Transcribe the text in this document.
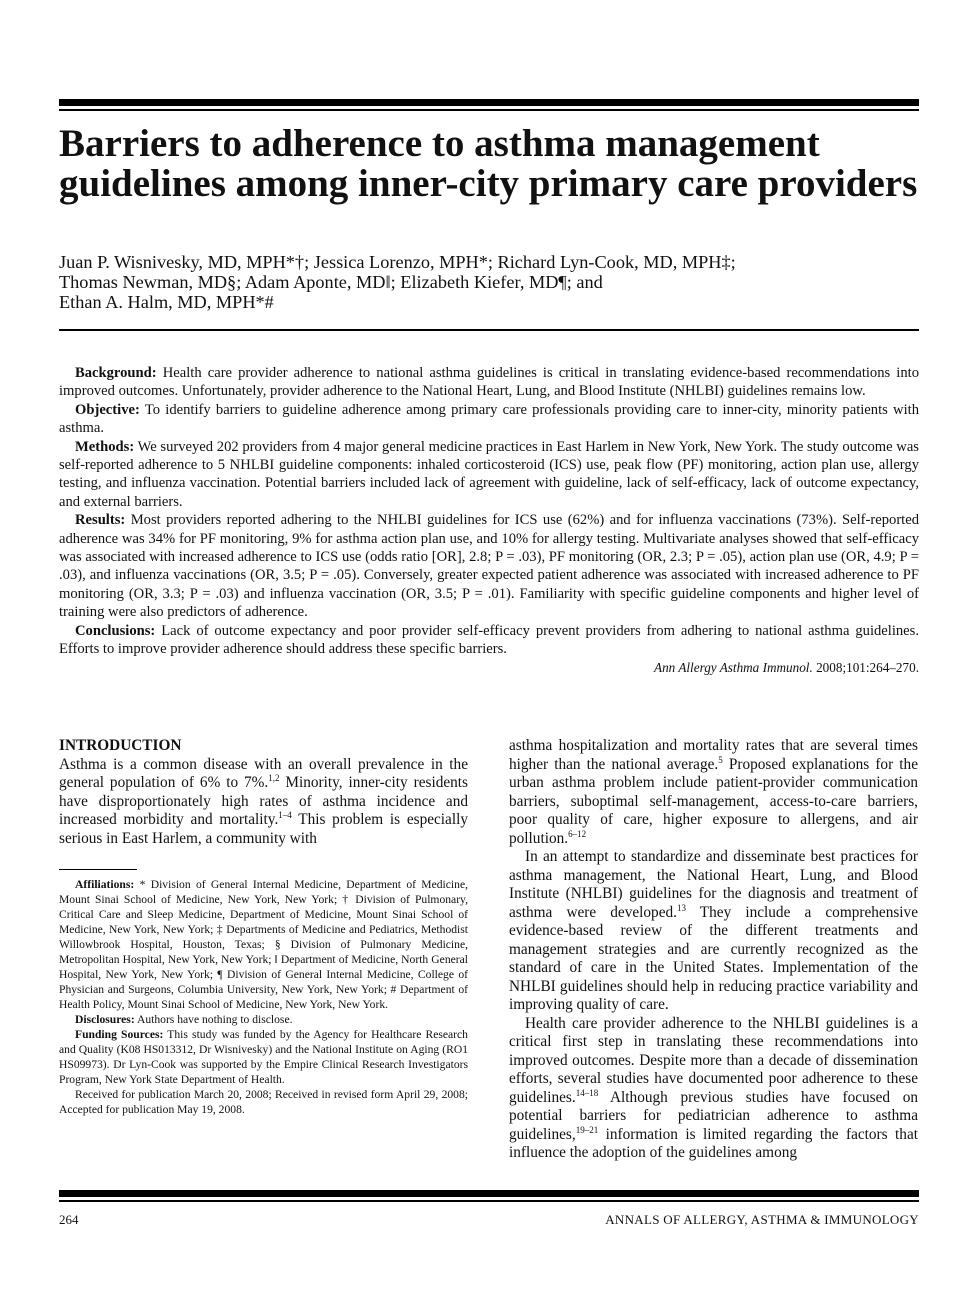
Barriers to adherence to asthma management guidelines among inner-city primary care providers
Juan P. Wisnivesky, MD, MPH*†; Jessica Lorenzo, MPH*; Richard Lyn-Cook, MD, MPH‡;
Thomas Newman, MD§; Adam Aponte, MD‖; Elizabeth Kiefer, MD¶; and
Ethan A. Halm, MD, MPH*#

Background: Health care provider adherence to national asthma guidelines is critical in translating evidence-based recommendations into improved outcomes. Unfortunately, provider adherence to the National Heart, Lung, and Blood Institute (NHLBI) guidelines remains low.

Objective: To identify barriers to guideline adherence among primary care professionals providing care to inner-city, minority patients with asthma.

Methods: We surveyed 202 providers from 4 major general medicine practices in East Harlem in New York, New York. The study outcome was self-reported adherence to 5 NHLBI guideline components: inhaled corticosteroid (ICS) use, peak flow (PF) monitoring, action plan use, allergy testing, and influenza vaccination. Potential barriers included lack of agreement with guideline, lack of self-efficacy, lack of outcome expectancy, and external barriers.

Results: Most providers reported adhering to the NHLBI guidelines for ICS use (62%) and for influenza vaccinations (73%). Self-reported adherence was 34% for PF monitoring, 9% for asthma action plan use, and 10% for allergy testing. Multivariate analyses showed that self-efficacy was associated with increased adherence to ICS use (odds ratio [OR], 2.8; P = .03), PF monitoring (OR, 2.3; P = .05), action plan use (OR, 4.9; P = .03), and influenza vaccinations (OR, 3.5; P = .05). Conversely, greater expected patient adherence was associated with increased adherence to PF monitoring (OR, 3.3; P = .03) and influenza vaccination (OR, 3.5; P = .01). Familiarity with specific guideline components and higher level of training were also predictors of adherence.

Conclusions: Lack of outcome expectancy and poor provider self-efficacy prevent providers from adhering to national asthma guidelines. Efforts to improve provider adherence should address these specific barriers.

Ann Allergy Asthma Immunol. 2008;101:264–270.
INTRODUCTION

Asthma is a common disease with an overall prevalence in the general population of 6% to 7%.$^{1,2}$ Minority, inner-city residents have disproportionately high rates of asthma incidence and increased morbidity and mortality.$^{1-4}$ This problem is especially serious in East Harlem, a community with

Affiliations: * Division of General Internal Medicine, Department of Medicine, Mount Sinai School of Medicine, New York, New York; † Division of Pulmonary, Critical Care and Sleep Medicine, Department of Medicine, Mount Sinai School of Medicine, New York, New York; ‡ Departments of Medicine and Pediatrics, Methodist Willowbrook Hospital, Houston, Texas; § Division of Pulmonary Medicine, Metropolitan Hospital, New York, New York; ‖ Department of Medicine, North General Hospital, New York, New York; ¶ Division of General Internal Medicine, College of Physician and Surgeons, Columbia University, New York, New York; # Department of Health Policy, Mount Sinai School of Medicine, New York, New York.

Disclosures: Authors have nothing to disclose.

Funding Sources: This study was funded by the Agency for Healthcare Research and Quality (K08 HS013312, Dr Wisnivesky) and the National Institute on Aging (RO1 HS09973). Dr Lyn-Cook was supported by the Empire Clinical Research Investigators Program, New York State Department of Health.

Received for publication March 20, 2008; Received in revised form April 29, 2008; Accepted for publication May 19, 2008.

asthma hospitalization and mortality rates that are several times higher than the national average.$^5$ Proposed explanations for the urban asthma problem include patient-provider communication barriers, suboptimal self-management, access-to-care barriers, poor quality of care, higher exposure to allergens, and air pollution.$^{6-12}$

In an attempt to standardize and disseminate best practices for asthma management, the National Heart, Lung, and Blood Institute (NHLBI) guidelines for the diagnosis and treatment of asthma were developed.$^{13}$ They include a comprehensive evidence-based review of the different treatments and management strategies and are currently recognized as the standard of care in the United States. Implementation of the NHLBI guidelines should help in reducing practice variability and improving quality of care.

Health care provider adherence to the NHLBI guidelines is a critical first step in translating these recommendations into improved outcomes. Despite more than a decade of dissemination efforts, several studies have documented poor adherence to these guidelines.$^{14-18}$ Although previous studies have focused on potential barriers for pediatrician adherence to asthma guidelines,$^{19-21}$ information is limited regarding the factors that influence the adoption of the guidelines among

264	ANNALS OF ALLERGY, ASTHMA & IMMUNOLOGY
